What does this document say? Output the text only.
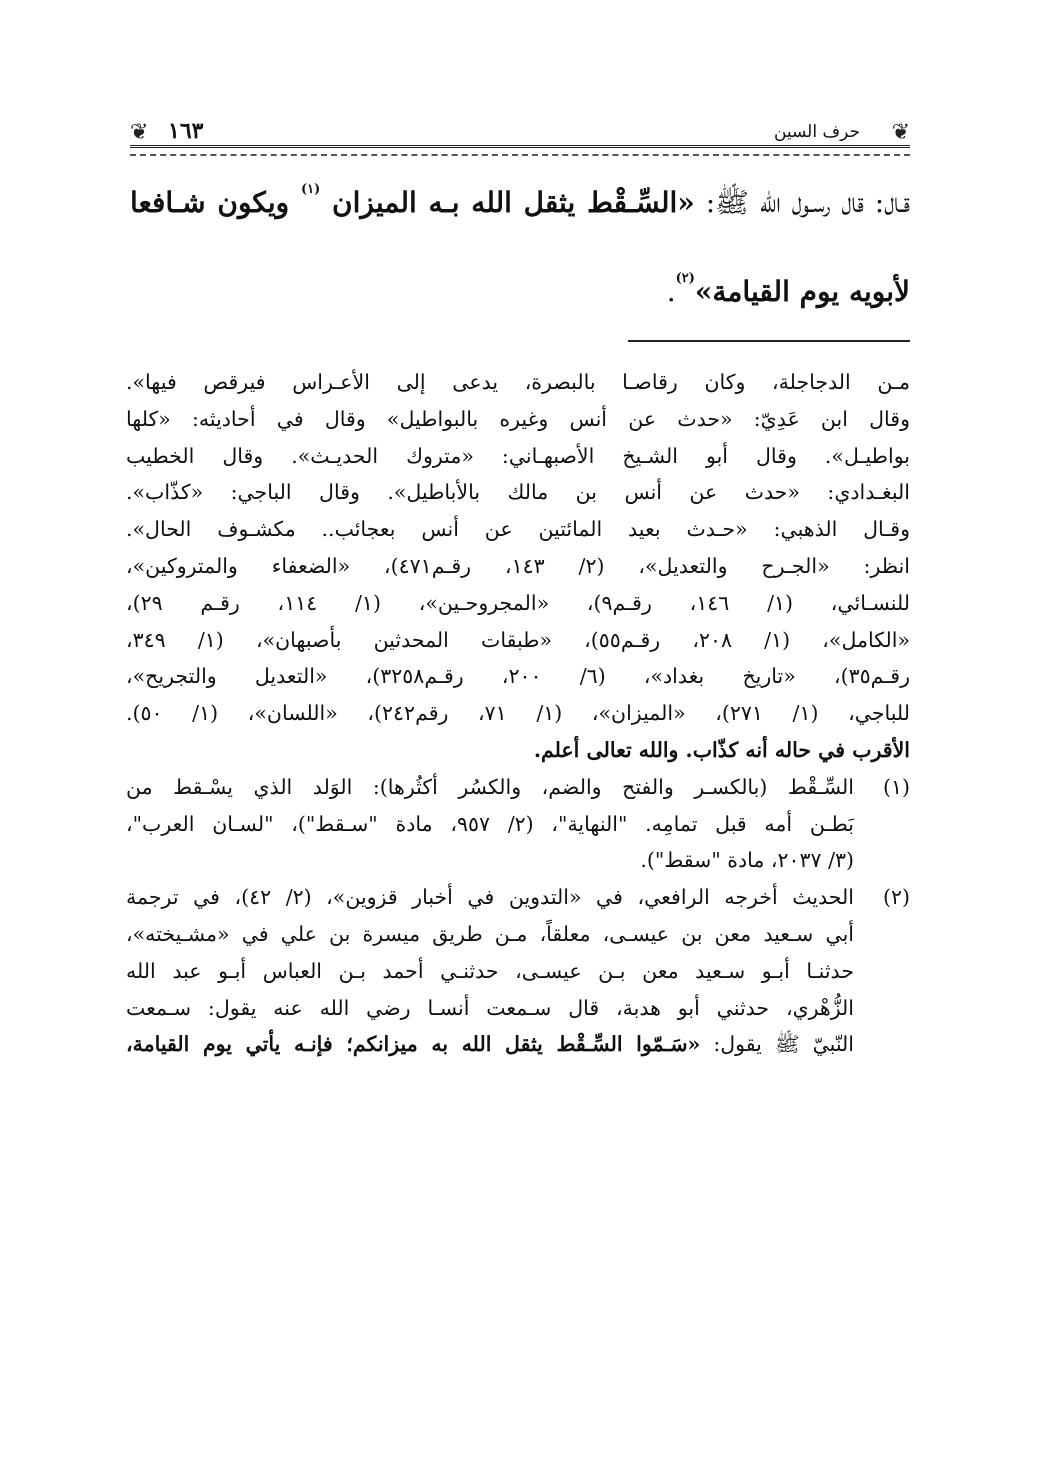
❦
حرف السين
١٦٣
❦
قـال: قال رسـول الله ﷺ: «السِّـقْط يثقل الله بـه الميزان $^{(١)}$ ويكون شـافعا
لأبويه يوم القيامة»$^{(٢)}$.

مـن الدجاجلة، وكان رقاصـا بالبصرة، يدعى إلى الأعـراس فيرقص فيها».

وقال ابن عَدِيّ: «حدث عن أنس وغيره بالبواطيل» وقال في أحاديثه: «كلها

بواطيـل». وقال أبو الشـيخ الأصبهـاني: «متروك الحديـث». وقال الخطيب

البغـدادي: «حدث عن أنس بن مالك بالأباطيل». وقال الباجي: «كذّاب».

وقـال الذهبي: «حـدث بعيد المائتين عن أنس بعجائب.. مكشـوف الحال».

انظر: «الجـرح والتعديل»، (٢/ ١٤٣، رقـم٤٧١)، «الضعفاء والمتروكين»،

للنسـائي، (١/ ١٤٦، رقـم٩)، «المجروحـين»، (١/ ١١٤، رقـم ٢٩)،

«الكامل»، (١/ ٢٠٨، رقـم٥٥)، «طبقات المحدثين بأصبهان»، (١/ ٣٤٩،

رقـم٣٥)، «تاريخ بغداد»، (٦/ ٢٠٠، رقـم٣٢٥٨)، «التعديل والتجريح»،

للباجي، (١/ ٢٧١)، «الميزان»، (١/ ٧١، رقم٢٤٢)، «اللسان»، (١/ ٥٠).

الأقرب في حاله أنه كذّاب. والله تعالى أعلم.

(١)

السِّـقْط (بالكسـر والفتح والضم، والكسُر أكثُرها): الوَلد الذي يسْـقط من

بَطـن أمه قبل تمامِه. "النهاية"، (٢/ ٩٥٧، مادة "سـقط")، "لسـان العرب"،

(٣/ ٢٠٣٧، مادة "سقط").

(٢)

الحديث أخرجه الرافعي، في «التدوين في أخبار قزوين»، (٢/ ٤٢)، في ترجمة

أبي سـعيد معن بن عيسـى، معلقاً، مـن طريق ميسرة بن علي في «مشـيخته»،

حدثنـا أبـو سـعيد معن بـن عيسـى، حدثنـي أحمد بـن العباس أبـو عبد الله

الزُّهْري، حدثني أبو هدبة، قال سـمعت أنسـا رضي الله عنه يقول: سـمعت

النّبيّ ﷺ يقول: «سَـمّوا السِّـقْط يثقل الله به ميزانكم؛ فإنـه يأتي يوم القيامة،
